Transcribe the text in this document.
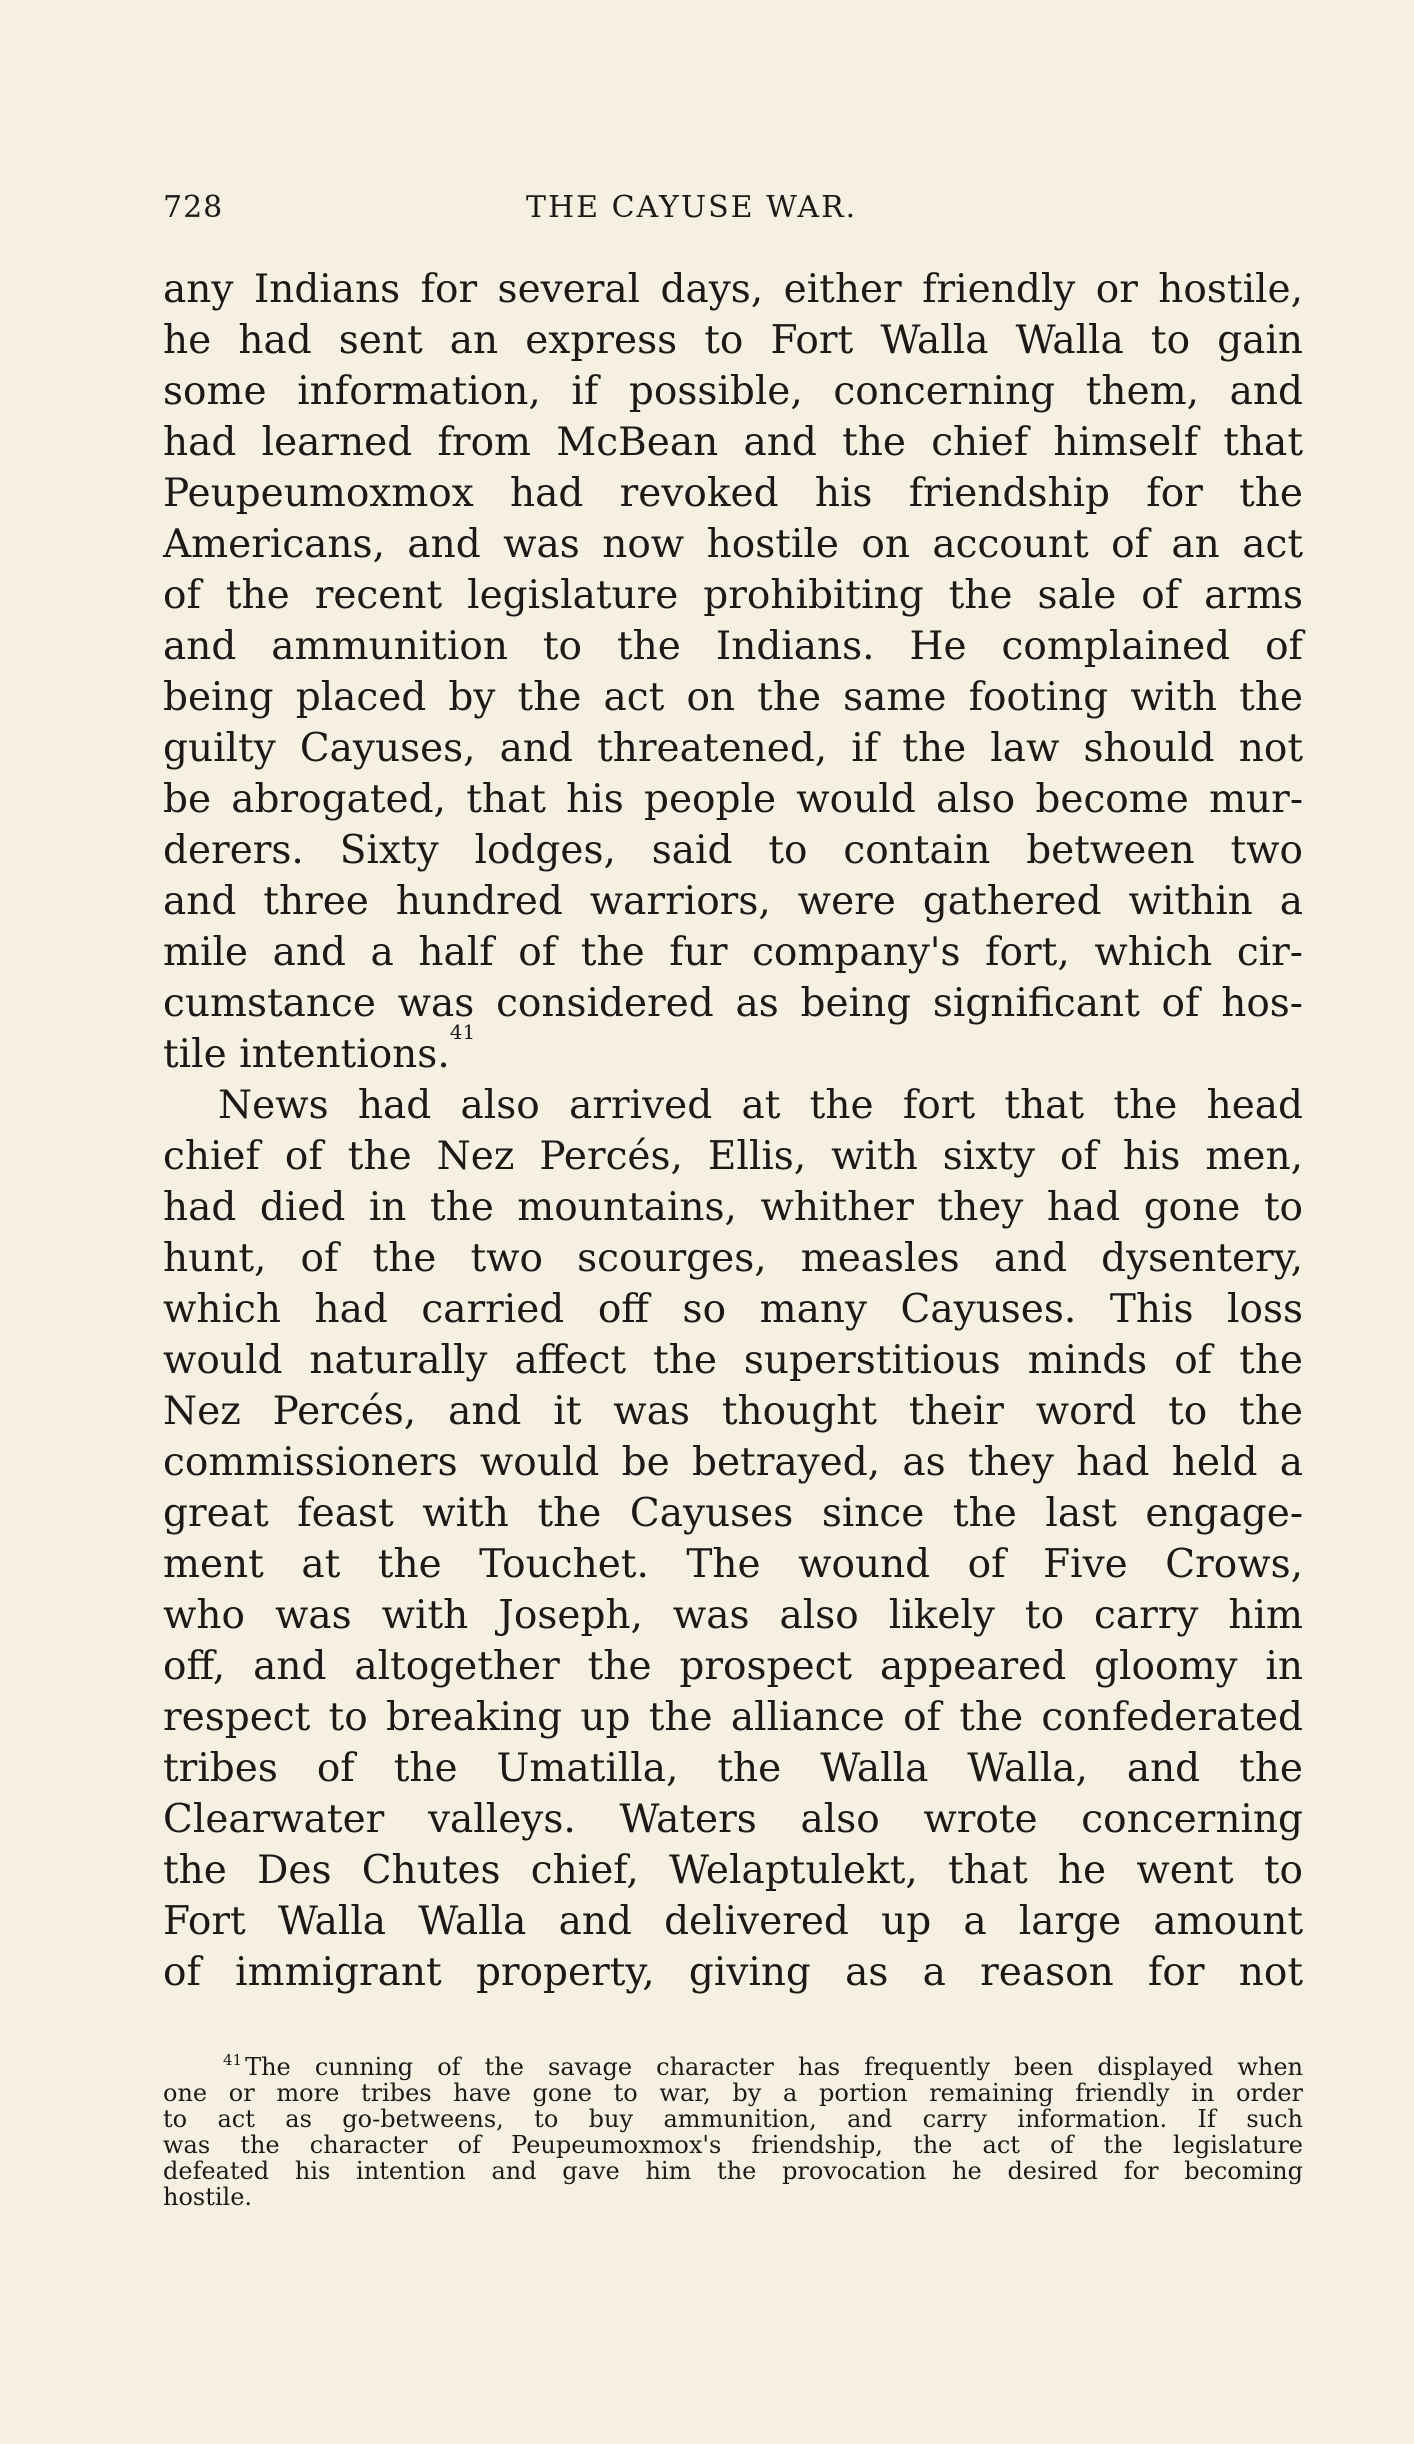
728	THE CAYUSE WAR.
any Indians for several days, either friendly or hostile,
he had sent an express to Fort Walla Walla to gain
some information, if possible, concerning them, and
had learned from McBean and the chief himself that
Peupeumoxmox had revoked his friendship for the
Americans, and was now hostile on account of an act
of the recent legislature prohibiting the sale of arms
and ammunition to the Indians. He complained of
being placed by the act on the same footing with the
guilty Cayuses, and threatened, if the law should not
be abrogated, that his people would also become mur-
derers. Sixty lodges, said to contain between two
and three hundred warriors, were gathered within a
mile and a half of the fur company's fort, which cir-
cumstance was considered as being significant of hos-
tile intentions.$^{41}$
News had also arrived at the fort that the head
chief of the Nez Percés, Ellis, with sixty of his men,
had died in the mountains, whither they had gone to
hunt, of the two scourges, measles and dysentery,
which had carried off so many Cayuses. This loss
would naturally affect the superstitious minds of the
Nez Percés, and it was thought their word to the
commissioners would be betrayed, as they had held a
great feast with the Cayuses since the last engage-
ment at the Touchet. The wound of Five Crows,
who was with Joseph, was also likely to carry him
off, and altogether the prospect appeared gloomy in
respect to breaking up the alliance of the confederated
tribes of the Umatilla, the Walla Walla, and the
Clearwater valleys. Waters also wrote concerning
the Des Chutes chief, Welaptulekt, that he went to
Fort Walla Walla and delivered up a large amount
of immigrant property, giving as a reason for not
$^{41}$ The cunning of the savage character has frequently been displayed when
one or more tribes have gone to war, by a portion remaining friendly in order
to act as go-betweens, to buy ammunition, and carry information. If such
was the character of Peupeumoxmox's friendship, the act of the legislature
defeated his intention and gave him the provocation he desired for becoming
hostile.
